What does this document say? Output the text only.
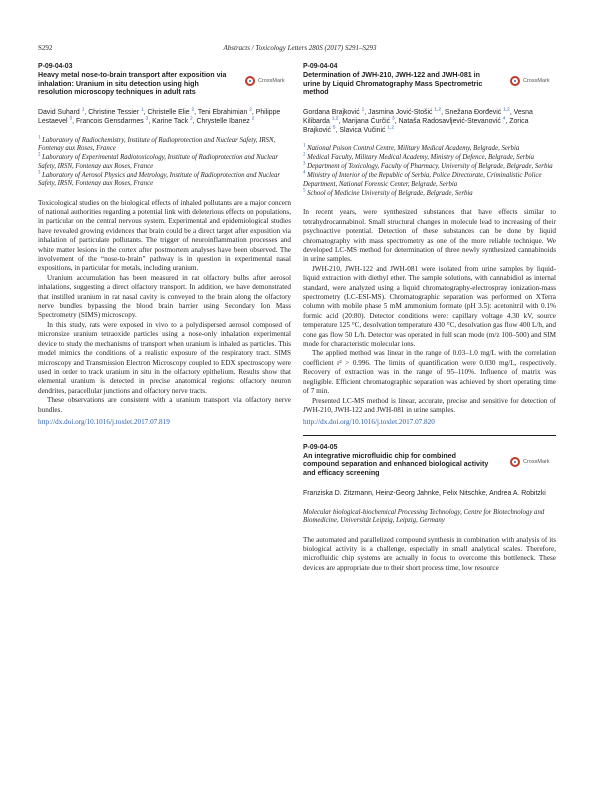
S292	Abstracts / Toxicology Letters 280S (2017) S291–S293
P-09-04-03
Heavy metal nose-to-brain transport after exposition via inhalation: Uranium in situ detection using high resolution microscopy techniques in adult rats
CrossMark
David Suhard $^1$, Christine Tessier $^1$, Christelle Elie $^2$, Teni Ebrahimian $^2$, Philippe Lestaevel $^3$, Francois Gensdarmes $^3$, Karine Tack $^2$, Chrystelle Ibanez $^2$
$^1$ Laboratory of Radiochemistry, Institute of Radioprotection and Nuclear Safety, IRSN, Fontenay aux Roses, France
$^2$ Laboratory of Experimental Radiotoxicology, Institute of Radioprotection and Nuclear Safety, IRSN, Fontenay aux Roses, France
$^3$ Laboratory of Aerosol Physics and Metrology, Institute of Radioprotection and Nuclear Safety, IRSN, Fontenay aux Roses, France

Toxicological studies on the biological effects of inhaled pollutants are a major concern of national authorities regarding a potential link with deleterious effects on populations, in particular on the central nervous system. Experimental and epidemiological studies have revealed growing evidences that brain could be a direct target after exposition via inhalation of particulate pollutants. The trigger of neuroinflammation processes and white matter lesions in the cortex after postmortem analyses have been observed. The involvement of the “nose-to-brain” pathway is in question in experimental nasal expositions, in particular for metals, including uranium.

Uranium accumulation has been measured in rat olfactory bulbs after aerosol inhalations, suggesting a direct olfactory transport. In addition, we have demonstrated that instilled uranium in rat nasal cavity is conveyed to the brain along the olfactory nerve bundles bypassing the blood brain barrier using Secondary Ion Mass Spectrometry (SIMS) microscopy.

In this study, rats were exposed in vivo to a polydispersed aerosol composed of micronsize uranium tetraoxide particles using a nose-only inhalation experimental device to study the mechanisms of transport when uranium is inhaled as particles. This model mimics the conditions of a realistic exposure of the respiratory tract. SIMS microscopy and Transmission Electron Microscopy coupled to EDX spectroscopy were used in order to track uranium in situ in the olfactory epithelium. Results show that elemental uranium is detected in precise anatomical regions: olfactory neuron dendrites, paracellular junctions and olfactory nerve tracts.

These observations are consistent with a uranium transport via olfactory nerve bundles.

http://dx.doi.org/10.1016/j.toxlet.2017.07.819
P-09-04-04
Determination of JWH-210, JWH-122 and JWH-081 in urine by Liquid Chromatography Mass Spectrometric method
CrossMark
Gordana Brajković $^1$, Jasmina Jović-Stošić $^{1,2}$, Snežana Đorđević $^{1,2}$, Vesna Kilibarda $^{1,2}$, Marijana Ćurčić $^3$, Nataša Radosavljević-Stevanović $^4$, Zorica Brajković $^5$, Slavica Vučinić $^{1,2}$
$^1$ National Poison Control Centre, Military Medical Academy, Belgrade, Serbia
$^2$ Medical Faculty, Military Medical Academy, Ministry of Defence, Belgrade, Serbia
$^3$ Department of Toxicology, Faculty of Pharmacy, University of Belgrade, Belgrade, Serbia
$^4$ Ministry of Interior of the Republic of Serbia, Police Directorate, Criminalistic Police Department, National Forensic Center, Belgrade, Serbia
$^5$ School of Medicine University of Belgrade, Belgrade, Serbia

In recent years, were synthesized substances that have effects similar to tetrahydrocannabinol. Small structural changes in molecule lead to increasing of their psychoactive potential. Detection of these substances can be done by liquid chromatography with mass spectrometry as one of the more reliable technique. We developed LC-MS method for determination of three newly synthesized cannabinoids in urine samples.

JWH-210, JWH-122 and JWH-081 were isolated from urine samples by liquid-liquid extraction with diethyl ether. The sample solutions, with cannabidiol as internal standard, were analyzed using a liquid chromatography-electrospray ionization-mass spectrometry (LC-ESI-MS). Chromatographic separation was performed on XTerra column with mobile phase 5 mM ammonium formate (pH 3.5): acetonitril with 0.1% formic acid (20:80). Detector conditions were: capillary voltage 4.30 kV, source temperature 125 °C, desolvation temperature 430 °C, desolvation gas flow 400 L/h, and cone gas flow 50 L/h. Detector was operated in full scan mode (m/z 100–500) and SIM mode for characteristic molecular ions.

The applied method was linear in the range of 0.03–1.0 mg/L with the correlation coefficient r² > 0.996. The limits of quantification were 0.030 mg/L, respectively. Recovery of extraction was in the range of 95–110%. Influence of matrix was negligible. Efficient chromatographic separation was achieved by short operating time of 7 min.

Presented LC-MS method is linear, accurate, precise and sensitive for detection of JWH-210, JWH-122 and JWH-081 in urine samples.

http://dx.doi.org/10.1016/j.toxlet.2017.07.820
P-09-04-05
An integrative microfluidic chip for combined compound separation and enhanced biological activity and efficacy screening
CrossMark
Franziska D. Zitzmann, Heinz-Georg Jahnke, Felix Nitschke, Andrea A. Robitzki
Molecular biological-biochemical Processing Technology, Centre for Biotechnology and Biomedicine, Universität Leipzig, Leipzig, Germany

The automated and parallelized compound synthesis in combination with analysis of its biological activity is a challenge, especially in small analytical scales. Therefore, microfluidic chip systems are actually in focus to overcome this bottleneck. These devices are appropriate due to their short process time, low resource
